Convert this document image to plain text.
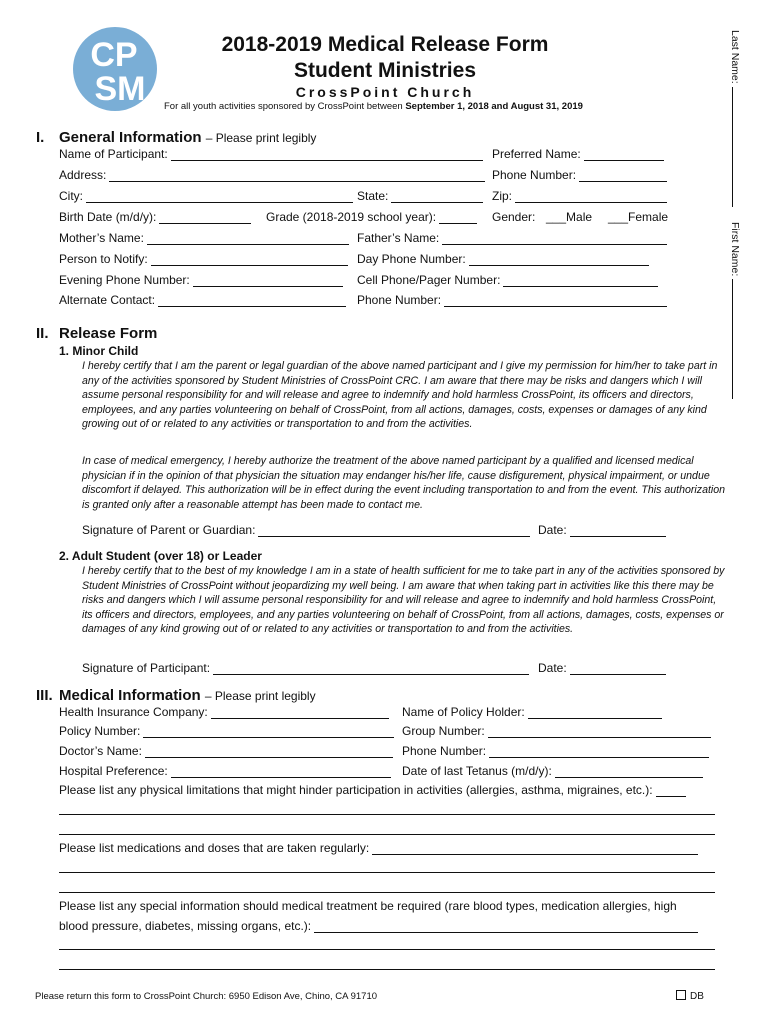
CP
SM
2018-2019 Medical Release Form
Student Ministries
CrossPoint Church
For all youth activities sponsored by CrossPoint between September 1, 2018 and August 31, 2019
Last Name:
First Name:
I. General Information – Please print legibly
Name of Participant:	Preferred Name:
Address:	Phone Number:
City:	State:	Zip:
Birth Date (m/d/y):	Grade (2018-2019 school year):	Gender: ___Male ___Female
Mother’s Name:	Father’s Name:
Person to Notify:	Day Phone Number:
Evening Phone Number:	Cell Phone/Pager Number:
Alternate Contact:	Phone Number:
II. Release Form
1. Minor Child
I hereby certify that I am the parent or legal guardian of the above named participant and I give my permission for him/her to take part in any of the activities sponsored by Student Ministries of CrossPoint CRC. I am aware that there may be risks and dangers which I will assume personal responsibility for and will release and agree to indemnify and hold harmless CrossPoint, its officers and directors, employees, and any parties volunteering on behalf of CrossPoint, from all actions, damages, costs, expenses or damages of any kind growing out of or related to any activities or transportation to and from the activities.
In case of medical emergency, I hereby authorize the treatment of the above named participant by a qualified and licensed medical physician if in the opinion of that physician the situation may endanger his/her life, cause disfigurement, physical impairment, or undue discomfort if delayed. This authorization will be in effect during the event including transportation to and from the event. This authorization is granted only after a reasonable attempt has been made to contact me.
Signature of Parent or Guardian:	Date:
2. Adult Student (over 18) or Leader
I hereby certify that to the best of my knowledge I am in a state of health sufficient for me to take part in any of the activities sponsored by Student Ministries of CrossPoint without jeopardizing my well being. I am aware that when taking part in activities like this there may be risks and dangers which I will assume personal responsibility for and will release and agree to indemnify and hold harmless CrossPoint, its officers and directors, employees, and any parties volunteering on behalf of CrossPoint, from all actions, damages, costs, expenses or damages of any kind growing out of or related to any activities or transportation to and from the activities.
Signature of Participant:	Date:
III. Medical Information – Please print legibly
Health Insurance Company:	Name of Policy Holder:
Policy Number:	Group Number:
Doctor’s Name:	Phone Number:
Hospital Preference:	Date of last Tetanus (m/d/y):
Please list any physical limitations that might hinder participation in activities (allergies, asthma, migraines, etc.):
Please list medications and doses that are taken regularly:
Please list any special information should medical treatment be required (rare blood types, medication allergies, high
blood pressure, diabetes, missing organs, etc.):
Please return this form to CrossPoint Church: 6950 Edison Ave, Chino, CA 91710	DB
